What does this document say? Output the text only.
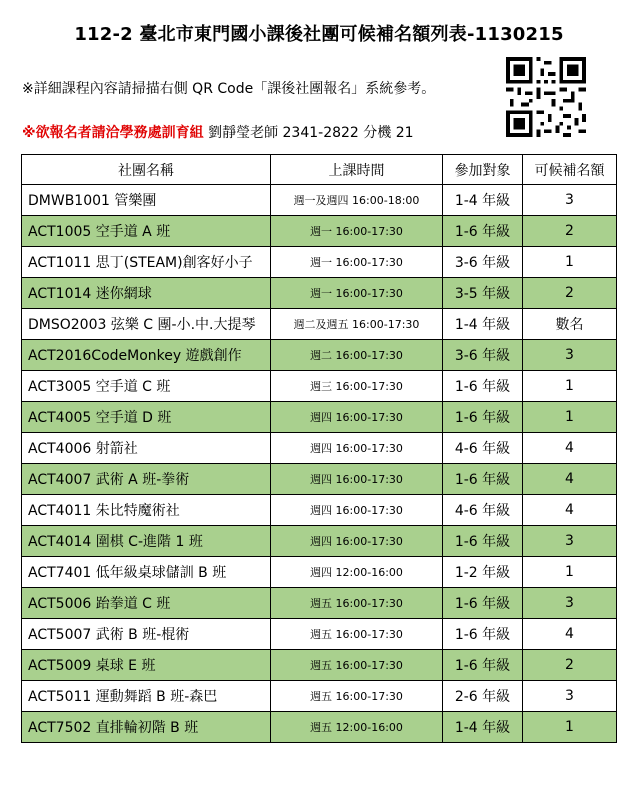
112-2 臺北市東門國小課後社團可候補名額列表-1130215
※詳細課程內容請掃描右側 QR Code「課後社團報名」系統參考。
※欲報名者請洽學務處訓育組 劉靜瑩老師 2341-2822 分機 21
社團名稱	上課時間	參加對象	可候補名額
DMWB1001 管樂團	週一及週四 16:00-18:00	1-4 年級	3
ACT1005 空手道 A 班	週一 16:00-17:30	1-6 年級	2
ACT1011 思丁(STEAM)創客好小子	週一 16:00-17:30	3-6 年級	1
ACT1014 迷你網球	週一 16:00-17:30	3-5 年級	2
DMSO2003 弦樂 C 團-小.中.大提琴	週二及週五 16:00-17:30	1-4 年級	數名
ACT2016CodeMonkey 遊戲創作	週二 16:00-17:30	3-6 年級	3
ACT3005 空手道 C 班	週三 16:00-17:30	1-6 年級	1
ACT4005 空手道 D 班	週四 16:00-17:30	1-6 年級	1
ACT4006 射箭社	週四 16:00-17:30	4-6 年級	4
ACT4007 武術 A 班-拳術	週四 16:00-17:30	1-6 年級	4
ACT4011 朱比特魔術社	週四 16:00-17:30	4-6 年級	4
ACT4014 圍棋 C-進階 1 班	週四 16:00-17:30	1-6 年級	3
ACT7401 低年級桌球儲訓 B 班	週四 12:00-16:00	1-2 年級	1
ACT5006 跆拳道 C 班	週五 16:00-17:30	1-6 年級	3
ACT5007 武術 B 班-棍術	週五 16:00-17:30	1-6 年級	4
ACT5009 桌球 E 班	週五 16:00-17:30	1-6 年級	2
ACT5011 運動舞蹈 B 班-森巴	週五 16:00-17:30	2-6 年級	3
ACT7502 直排輪初階 B 班	週五 12:00-16:00	1-4 年級	1
